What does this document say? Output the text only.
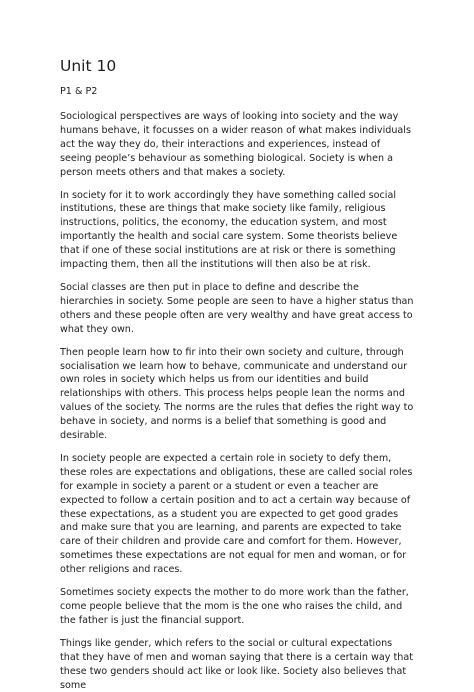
Unit 10

P1 & P2

Sociological perspectives are ways of looking into society and the way humans behave, it focusses on a wider reason of what makes individuals act the way they do, their interactions and experiences, instead of seeing people’s behaviour as something biological. Society is when a person meets others and that makes a society.

In society for it to work accordingly they have something called social institutions, these are things that make society like family, religious instructions, politics, the economy, the education system, and most importantly the health and social care system. Some theorists believe that if one of these social institutions are at risk or there is something impacting them, then all the institutions will then also be at risk.

Social classes are then put in place to define and describe the hierarchies in society. Some people are seen to have a higher status than others and these people often are very wealthy and have great access to what they own.

Then people learn how to fir into their own society and culture, through socialisation we learn how to behave, communicate and understand our own roles in society which helps us from our identities and build relationships with others. This process helps people lean the norms and values of the society. The norms are the rules that defies the right way to behave in society, and norms is a belief that something is good and desirable.

In society people are expected a certain role in society to defy them, these roles are expectations and obligations, these are called social roles for example in society a parent or a student or even a teacher are expected to follow a certain position and to act a certain way because of these expectations, as a student you are expected to get good grades and make sure that you are learning, and parents are expected to take care of their children and provide care and comfort for them. However, sometimes these expectations are not equal for men and woman, or for other religions and races.

Sometimes society expects the mother to do more work than the father, come people believe that the mom is the one who raises the child, and the father is just the financial support.

Things like gender, which refers to the social or cultural expectations that they have of men and woman saying that there is a certain way that these two genders should act like or look like. Society also believes that some
